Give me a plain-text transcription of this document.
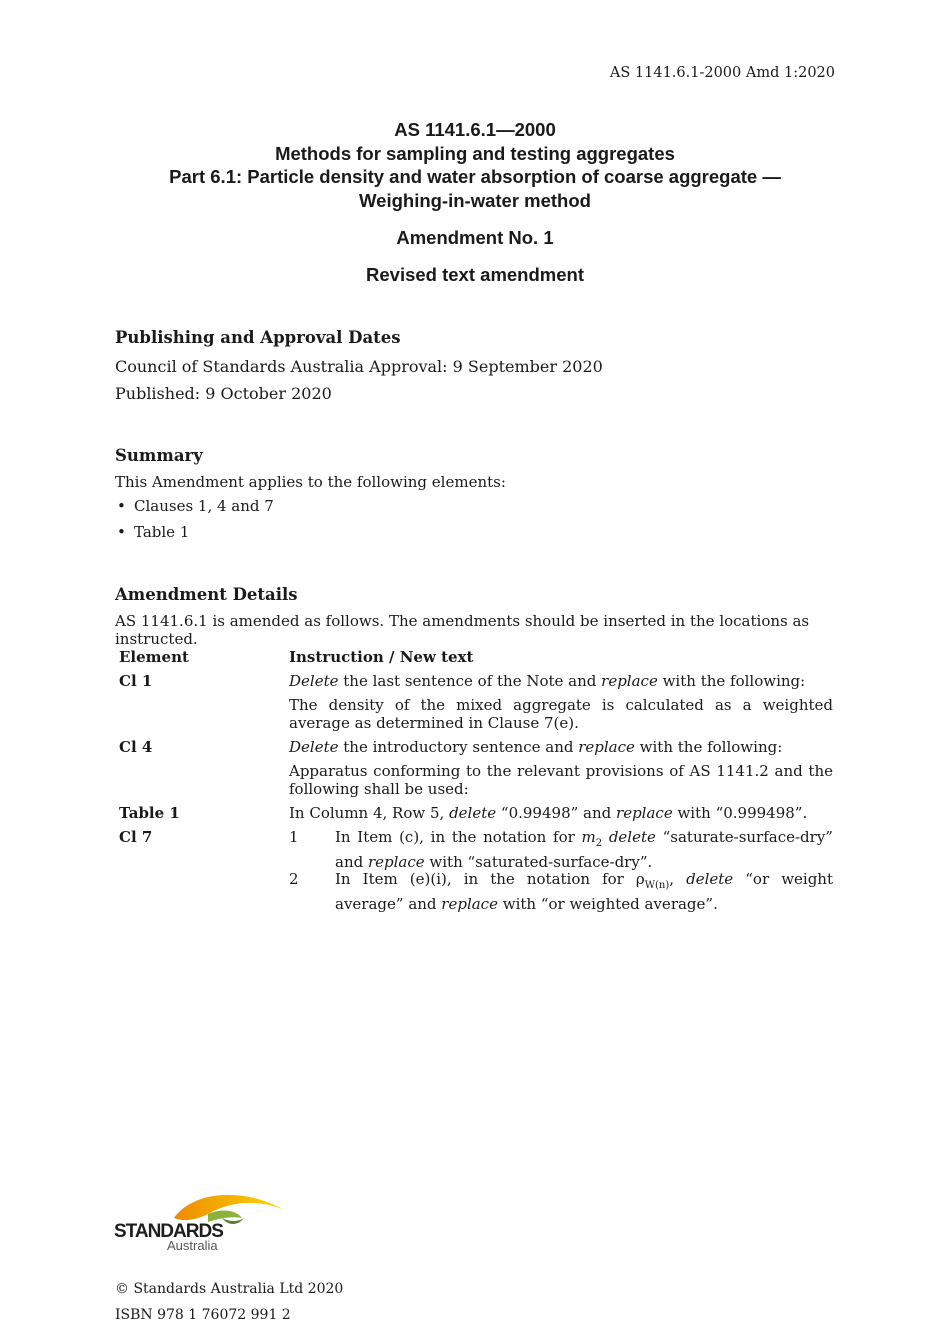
AS 1141.6.1-2000 Amd 1:2020
AS 1141.6.1—2000
Methods for sampling and testing aggregates
Part 6.1: Particle density and water absorption of coarse aggregate —
Weighing-in-water method
Amendment No. 1
Revised text amendment
Publishing and Approval Dates
Council of Standards Australia Approval: 9 September 2020
Published: 9 October 2020
Summary
This Amendment applies to the following elements:
• Clauses 1, 4 and 7
• Table 1
Amendment Details
AS 1141.6.1 is amended as follows. The amendments should be inserted in the locations as instructed.
Element	Instruction / New text
Cl 1	Delete the last sentence of the Note and replace with the following:
The density of the mixed aggregate is calculated as a weighted average as determined in Clause 7(e).
Cl 4	Delete the introductory sentence and replace with the following:
Apparatus conforming to the relevant provisions of AS 1141.2 and the following shall be used:
Table 1	In Column 4, Row 5, delete “0.99498” and replace with “0.999498”.
Cl 7	1	In Item (c), in the notation for $m_2$ delete “saturate-surface-dry” and replace with “saturated-surface-dry”.
2	In Item (e)(i), in the notation for $\rho_{W(n)}$, delete “or weight average” and replace with “or weighted average”.
STANDARDS
Australia
© Standards Australia Ltd 2020
ISBN 978 1 76072 991 2
